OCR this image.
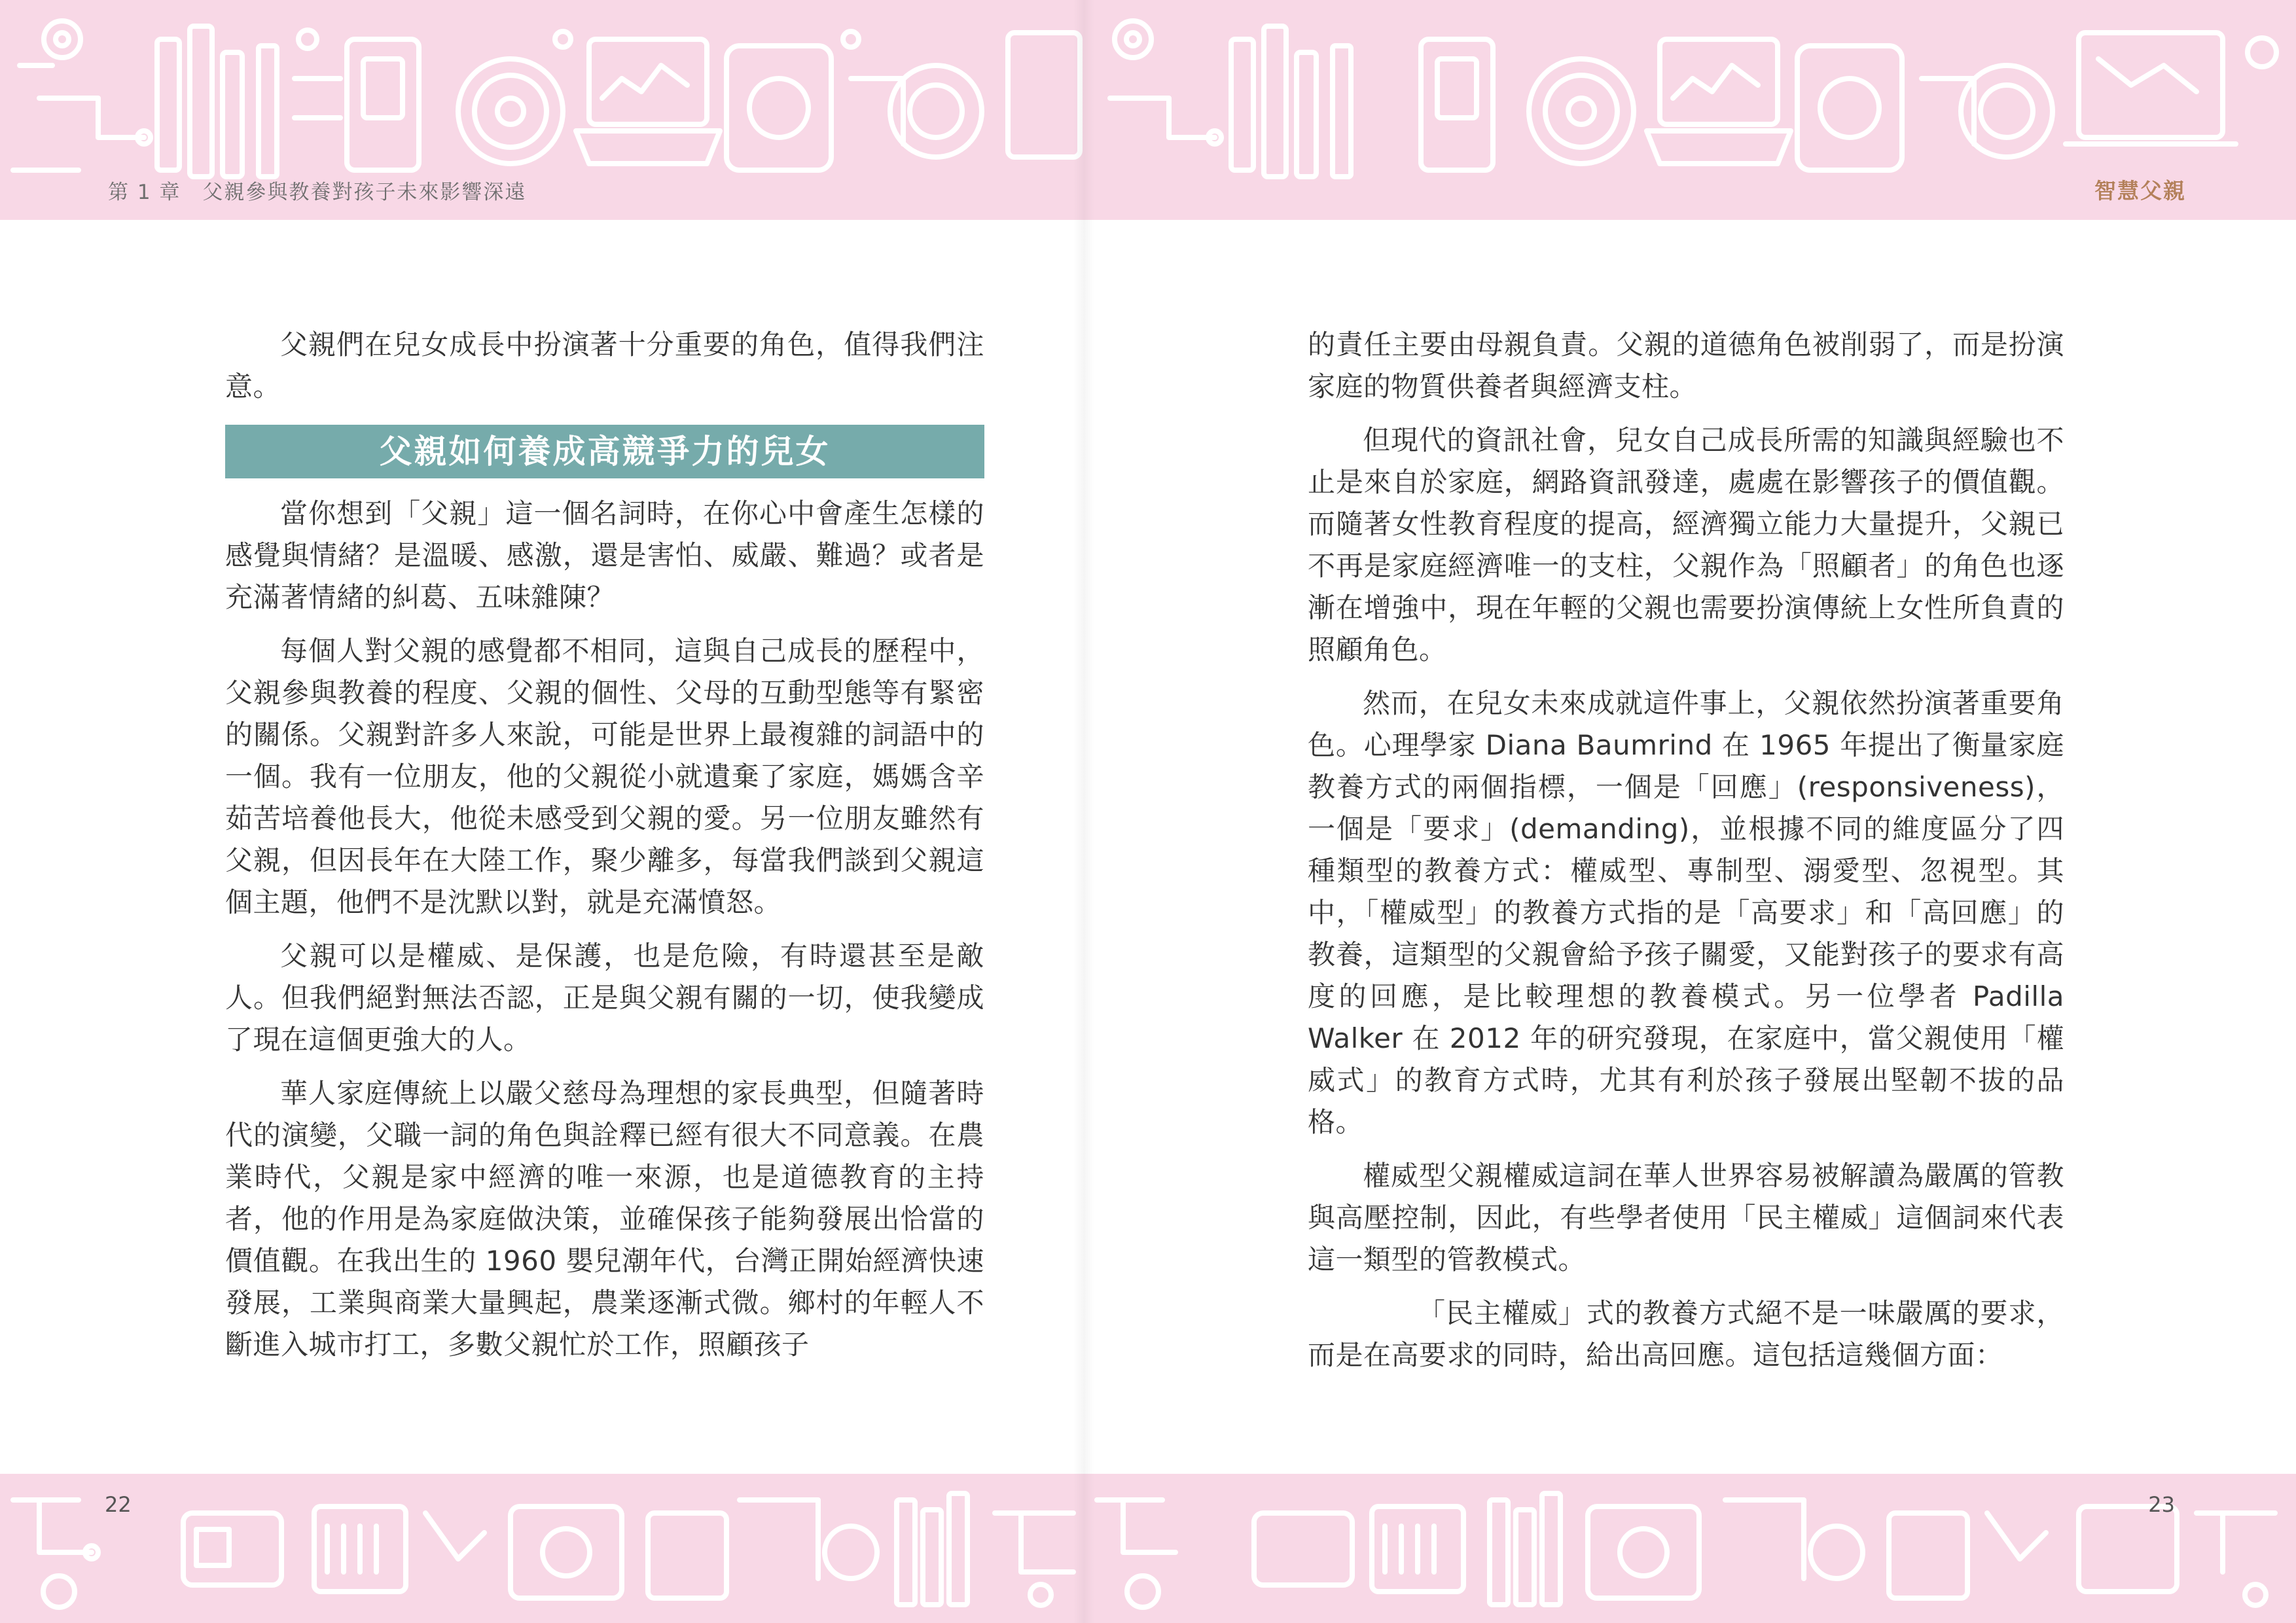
第 1 章　父親參與教養對孩子未來影響深遠

父親們在兒女成長中扮演著十分重要的角色，值得我們注意。

父親如何養成高競爭力的兒女

當你想到「父親」這一個名詞時，在你心中會產生怎樣的感覺與情緒？是溫暖、感激，還是害怕、威嚴、難過？或者是充滿著情緒的糾葛、五味雜陳？

每個人對父親的感覺都不相同，這與自己成長的歷程中，父親參與教養的程度、父親的個性、父母的互動型態等有緊密的關係。父親對許多人來說，可能是世界上最複雜的詞語中的一個。我有一位朋友，他的父親從小就遺棄了家庭，媽媽含辛茹苦培養他長大，他從未感受到父親的愛。另一位朋友雖然有父親，但因長年在大陸工作，聚少離多，每當我們談到父親這個主題，他們不是沈默以對，就是充滿憤怒。

父親可以是權威、是保護，也是危險，有時還甚至是敵人。但我們絕對無法否認，正是與父親有關的一切，使我變成了現在這個更強大的人。

華人家庭傳統上以嚴父慈母為理想的家長典型，但隨著時代的演變，父職一詞的角色與詮釋已經有很大不同意義。在農業時代，父親是家中經濟的唯一來源，也是道德教育的主持者，他的作用是為家庭做決策，並確保孩子能夠發展出恰當的價值觀。在我出生的 1960 嬰兒潮年代，台灣正開始經濟快速發展，工業與商業大量興起，農業逐漸式微。鄉村的年輕人不斷進入城市打工，多數父親忙於工作，照顧孩子

22
智慧父親

的責任主要由母親負責。父親的道德角色被削弱了，而是扮演家庭的物質供養者與經濟支柱。

但現代的資訊社會，兒女自己成長所需的知識與經驗也不止是來自於家庭，網路資訊發達，處處在影響孩子的價值觀。而隨著女性教育程度的提高，經濟獨立能力大量提升，父親已不再是家庭經濟唯一的支柱，父親作為「照顧者」的角色也逐漸在增強中，現在年輕的父親也需要扮演傳統上女性所負責的照顧角色。

然而，在兒女未來成就這件事上，父親依然扮演著重要角色。心理學家 Diana Baumrind 在 1965 年提出了衡量家庭教養方式的兩個指標，一個是「回應」(responsiveness)，一個是「要求」(demanding)，並根據不同的維度區分了四種類型的教養方式：權威型、專制型、溺愛型、忽視型。其中，「權威型」的教養方式指的是「高要求」和「高回應」的教養，這類型的父親會給予孩子關愛，又能對孩子的要求有高度的回應，是比較理想的教養模式。另一位學者 Padilla Walker 在 2012 年的研究發現，在家庭中，當父親使用「權威式」的教育方式時，尤其有利於孩子發展出堅韌不拔的品格。

權威型父親權威這詞在華人世界容易被解讀為嚴厲的管教與高壓控制，因此，有些學者使用「民主權威」這個詞來代表這一類型的管教模式。

「民主權威」式的教養方式絕不是一味嚴厲的要求，而是在高要求的同時，給出高回應。這包括這幾個方面：

23
